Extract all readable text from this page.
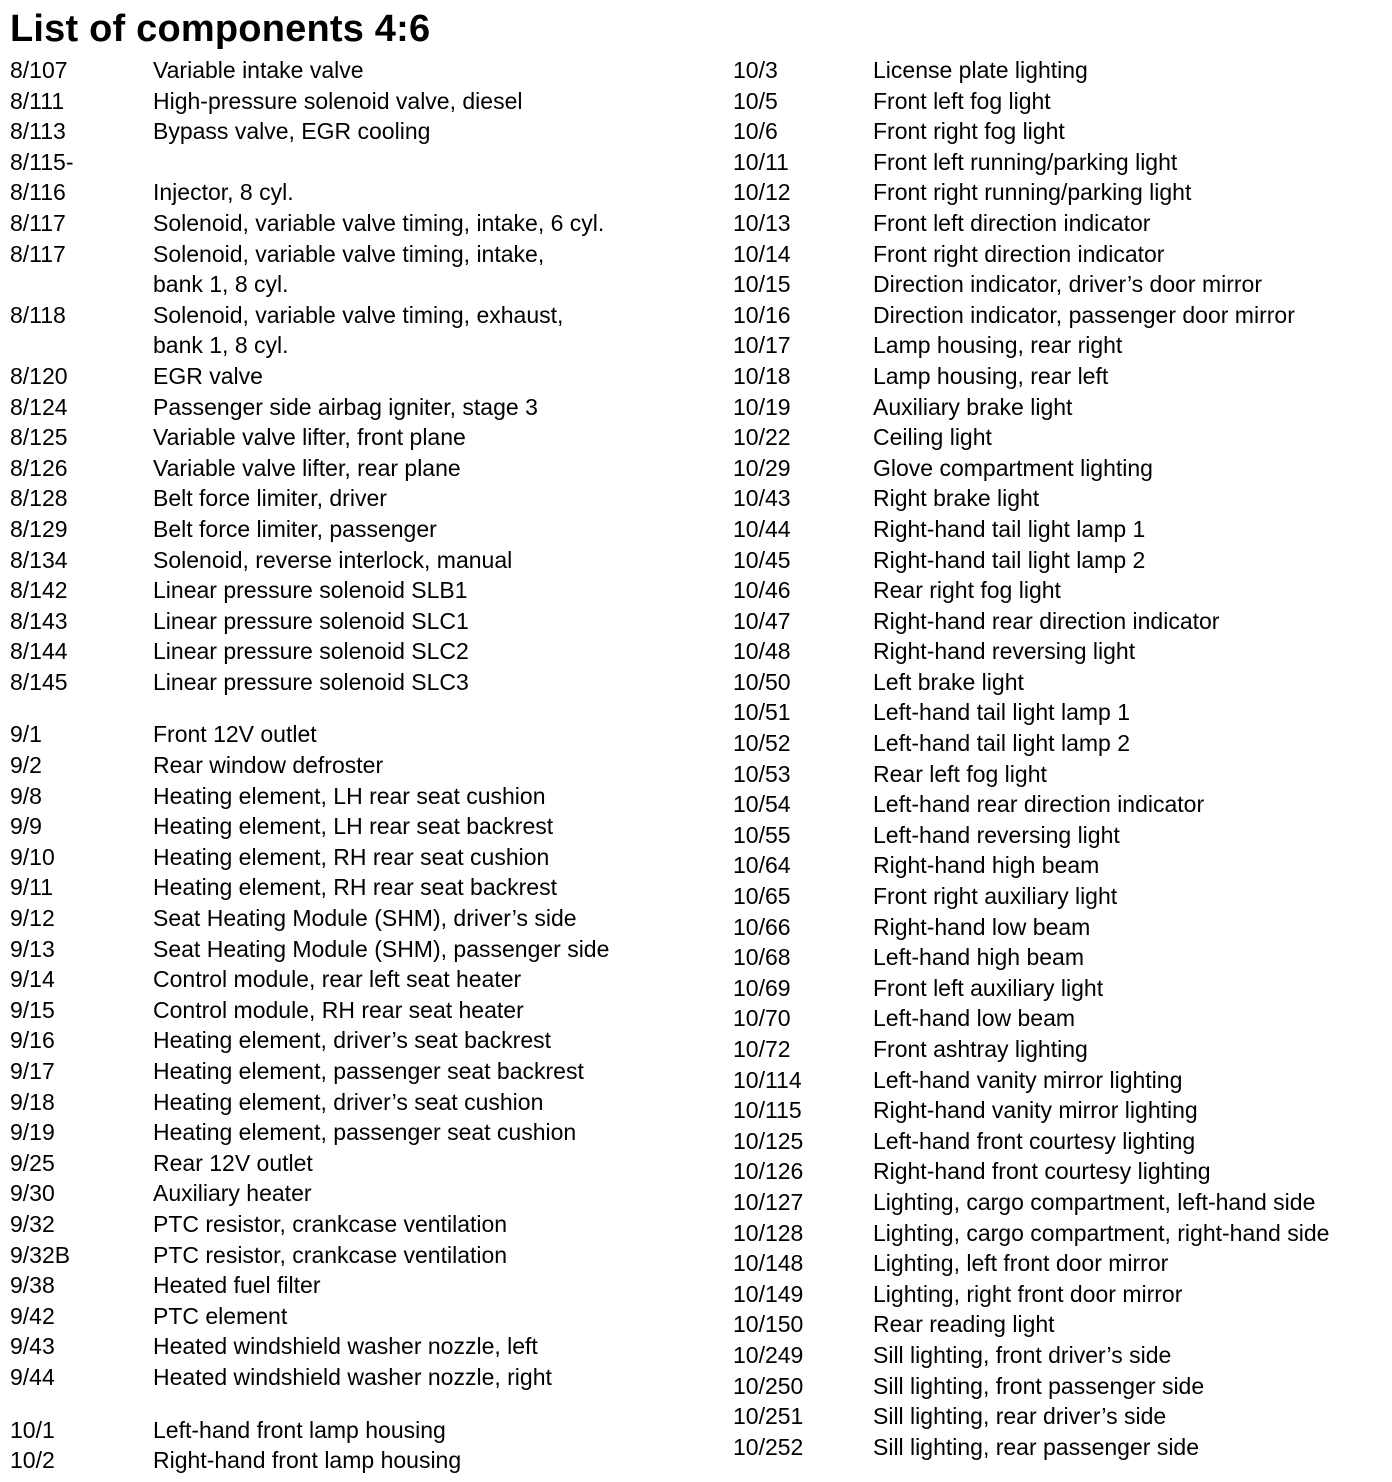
List of components 4:6
8/107	Variable intake valve
8/111	High-pressure solenoid valve, diesel
8/113	Bypass valve, EGR cooling
8/115-
8/116	Injector, 8 cyl.
8/117	Solenoid, variable valve timing, intake, 6 cyl.
8/117	Solenoid, variable valve timing, intake,
bank 1, 8 cyl.
8/118	Solenoid, variable valve timing, exhaust,
bank 1, 8 cyl.
8/120	EGR valve
8/124	Passenger side airbag igniter, stage 3
8/125	Variable valve lifter, front plane
8/126	Variable valve lifter, rear plane
8/128	Belt force limiter, driver
8/129	Belt force limiter, passenger
8/134	Solenoid, reverse interlock, manual
8/142	Linear pressure solenoid SLB1
8/143	Linear pressure solenoid SLC1
8/144	Linear pressure solenoid SLC2
8/145	Linear pressure solenoid SLC3
9/1	Front 12V outlet
9/2	Rear window defroster
9/8	Heating element, LH rear seat cushion
9/9	Heating element, LH rear seat backrest
9/10	Heating element, RH rear seat cushion
9/11	Heating element, RH rear seat backrest
9/12	Seat Heating Module (SHM), driver’s side
9/13	Seat Heating Module (SHM), passenger side
9/14	Control module, rear left seat heater
9/15	Control module, RH rear seat heater
9/16	Heating element, driver’s seat backrest
9/17	Heating element, passenger seat backrest
9/18	Heating element, driver’s seat cushion
9/19	Heating element, passenger seat cushion
9/25	Rear 12V outlet
9/30	Auxiliary heater
9/32	PTC resistor, crankcase ventilation
9/32B	PTC resistor, crankcase ventilation
9/38	Heated fuel filter
9/42	PTC element
9/43	Heated windshield washer nozzle, left
9/44	Heated windshield washer nozzle, right
10/1	Left-hand front lamp housing
10/2	Right-hand front lamp housing
10/3	License plate lighting
10/5	Front left fog light
10/6	Front right fog light
10/11	Front left running/parking light
10/12	Front right running/parking light
10/13	Front left direction indicator
10/14	Front right direction indicator
10/15	Direction indicator, driver’s door mirror
10/16	Direction indicator, passenger door mirror
10/17	Lamp housing, rear right
10/18	Lamp housing, rear left
10/19	Auxiliary brake light
10/22	Ceiling light
10/29	Glove compartment lighting
10/43	Right brake light
10/44	Right-hand tail light lamp 1
10/45	Right-hand tail light lamp 2
10/46	Rear right fog light
10/47	Right-hand rear direction indicator
10/48	Right-hand reversing light
10/50	Left brake light
10/51	Left-hand tail light lamp 1
10/52	Left-hand tail light lamp 2
10/53	Rear left fog light
10/54	Left-hand rear direction indicator
10/55	Left-hand reversing light
10/64	Right-hand high beam
10/65	Front right auxiliary light
10/66	Right-hand low beam
10/68	Left-hand high beam
10/69	Front left auxiliary light
10/70	Left-hand low beam
10/72	Front ashtray lighting
10/114	Left-hand vanity mirror lighting
10/115	Right-hand vanity mirror lighting
10/125	Left-hand front courtesy lighting
10/126	Right-hand front courtesy lighting
10/127	Lighting, cargo compartment, left-hand side
10/128	Lighting, cargo compartment, right-hand side
10/148	Lighting, left front door mirror
10/149	Lighting, right front door mirror
10/150	Rear reading light
10/249	Sill lighting, front driver’s side
10/250	Sill lighting, front passenger side
10/251	Sill lighting, rear driver’s side
10/252	Sill lighting, rear passenger side
